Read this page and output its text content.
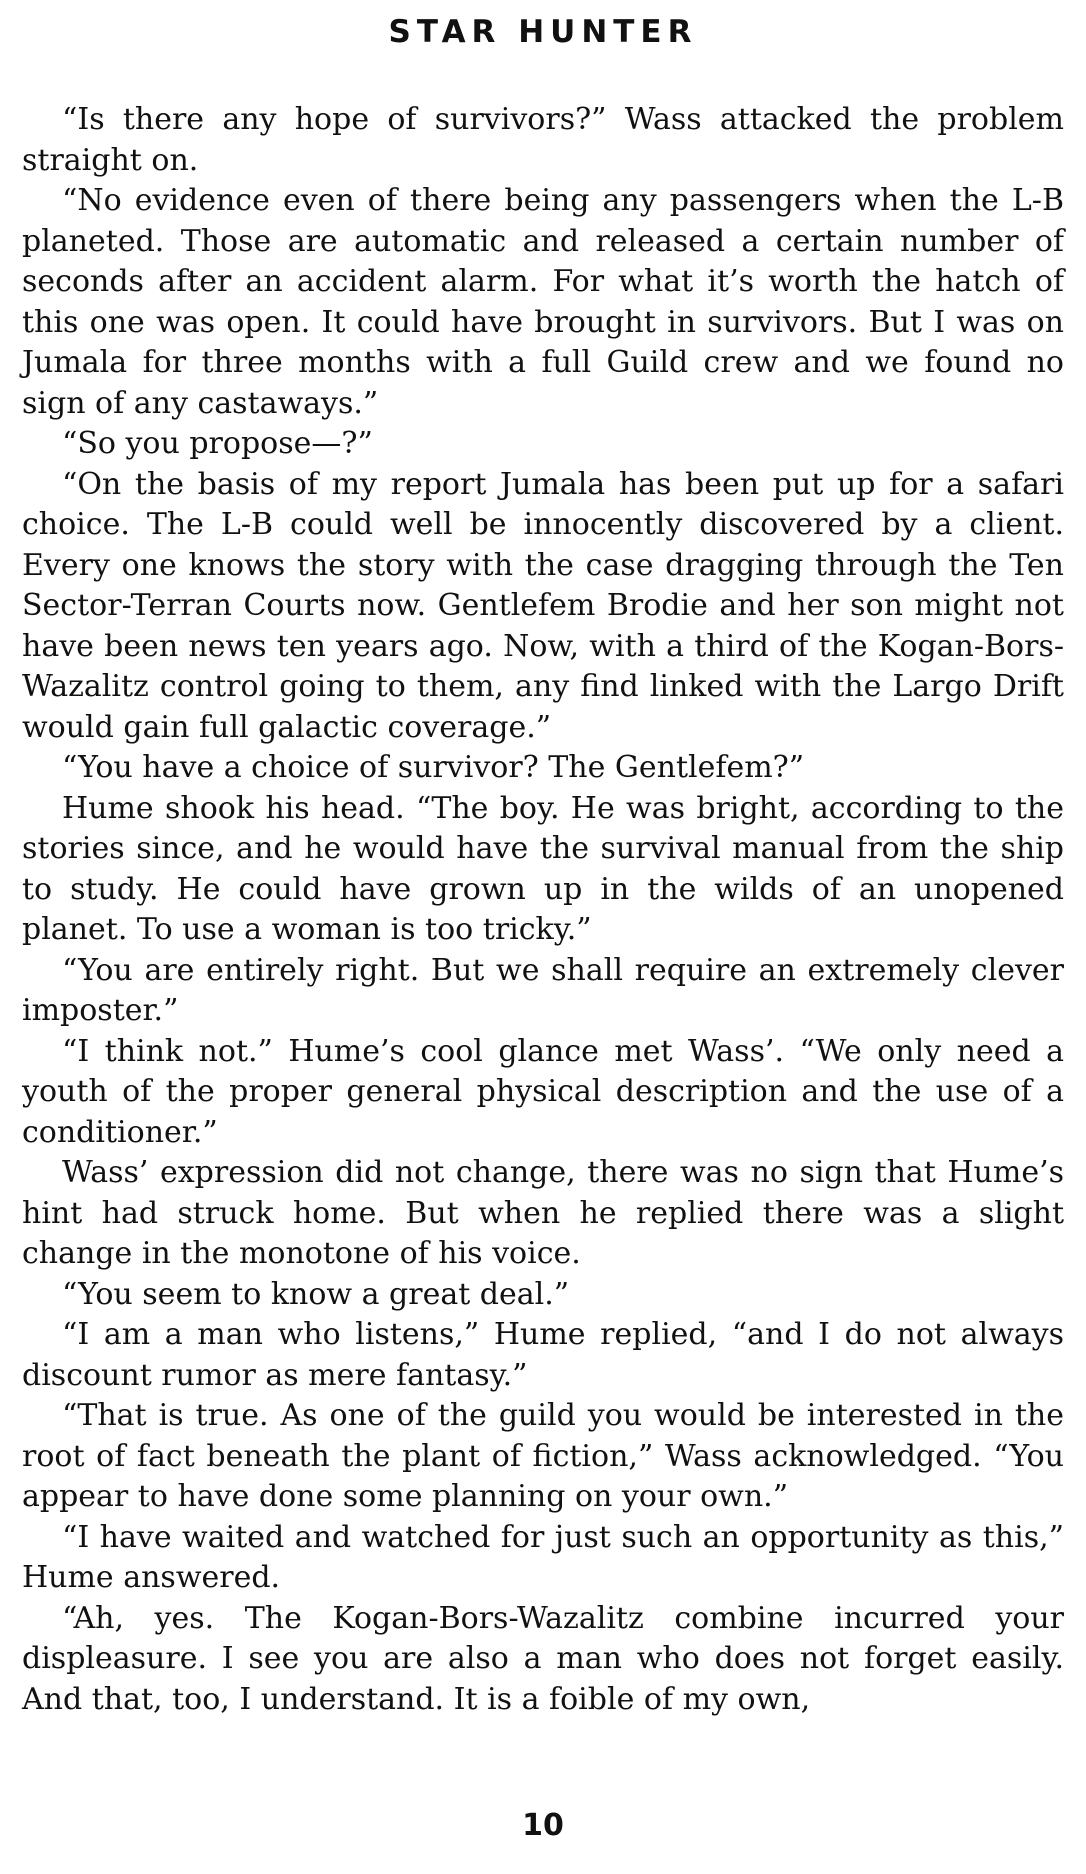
STAR HUNTER

“Is there any hope of survivors?” Wass attacked the problem straight on.

“No evidence even of there being any passengers when the L-B planeted. Those are automatic and released a certain number of seconds after an accident alarm. For what it’s worth the hatch of this one was open. It could have brought in survivors. But I was on Jumala for three months with a full Guild crew and we found no sign of any castaways.”

“So you propose—?”

“On the basis of my report Jumala has been put up for a safari choice. The L-B could well be innocently discovered by a client. Every one knows the story with the case dragging through the Ten Sector-Terran Courts now. Gentlefem Brodie and her son might not have been news ten years ago. Now, with a third of the Kogan-Bors-Wazalitz control going to them, any find linked with the Largo Drift would gain full galactic coverage.”

“You have a choice of survivor? The Gentlefem?”

Hume shook his head. “The boy. He was bright, according to the stories since, and he would have the survival manual from the ship to study. He could have grown up in the wilds of an unopened planet. To use a woman is too tricky.”

“You are entirely right. But we shall require an extremely clever imposter.”

“I think not.” Hume’s cool glance met Wass’. “We only need a youth of the proper general physical description and the use of a conditioner.”

Wass’ expression did not change, there was no sign that Hume’s hint had struck home. But when he replied there was a slight change in the monotone of his voice.

“You seem to know a great deal.”

“I am a man who listens,” Hume replied, “and I do not always discount rumor as mere fantasy.”

“That is true. As one of the guild you would be interested in the root of fact beneath the plant of fiction,” Wass acknowledged. “You appear to have done some planning on your own.”

“I have waited and watched for just such an opportunity as this,” Hume answered.

“Ah, yes. The Kogan-Bors-Wazalitz combine incurred your displeasure. I see you are also a man who does not forget easily. And that, too, I understand. It is a foible of my own,

10
